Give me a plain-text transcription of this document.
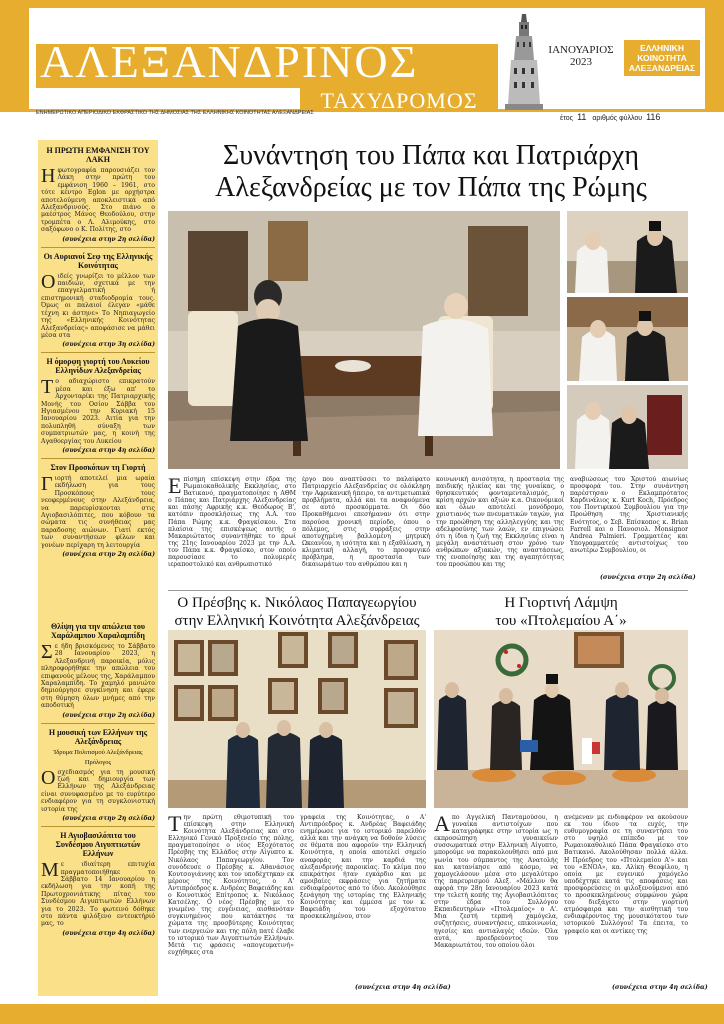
ΑΛΕΞΑΝΔΡΙΝΟΣ
ΤΑΧΥΔΡΟΜΟΣ
ΕΝΗΜΕΡΩΤΙΚΟ ΑΠΕΡΙΟΔΙΚΟ ΕΚΦΡΑΣΤΙΚΟ ΤΗΣ ΔΗΜΟΣΙΑΣ ΤΗΣ ΕΛΛΗΝΙΚΗΣ ΚΟΙΝΟΤΗΤΑΣ ΑΛΕΞΑΝΔΡΕΙΑΣ
ΙΑΝΟΥΑΡΙΟΣ
2023
ΕΛΛΗΝΙΚΗ
ΚΟΙΝΟΤΗΤΑ
ΑΛΕΞΑΝΔΡΕΙΑΣ
έτος 11 αριθμός φύλλου 116
Η ΠΡΩΤΗ ΕΜΦΑΝΙΣΗ ΤΟΥ ΛΑΚΗ
Ηφωτογραφία παρουσιάζει τον Λάκη στην πρώτη του εμφάνιση 1960 – 1961, στο τότε κέντρο Eglon με ορχήστρα αποτελούμενη αποκλειστικά από Αλεξανδρινούς. Στο πιάνο ο μαέστρος Μάνος Θεοδούλου, στην τρομπέτα ο Λ. Αλιμούκης, στο σαξόφωνο ο Κ. Πολίτης, στο
(συνέχεια στην 2η σελίδα)
Οι Αυριανοί Σεφ της Ελληνικής Κοινότητας
Οιδείς γνωρίζει το μέλλον των παιδιών, σχετικά με την επαγγελματική ή επιστημονική σταδιοδρομία τους. Όμως οι παλαιοί έλεγαν «μάθε τέχνη κι άστηνε» Το Νηπιαγωγείο της «Ελληνικής Κοινότητας Αλεξανδρείας» αποφάσισε να μάθει μέσα στα
(συνέχεια στην 3η σελίδα)
Η όμορφη γιορτή του Λυκείου Ελληνίδων Αλεξανδρείας
Το αδιαχώριστο επικρατούν μέσα και έξω απ' το Αρχονταρίκι της Πατριαρχικής Μονής του Οσίου Σάββα του Ηγιασμένου την Κυριακή 15 Ιανουαρίου 2023. Αιτία για την πολυπληθή σύναξη των συμπατριωτών μας, η κοινή της Αγαθοεργίας του Λυκείου
(συνέχεια στην 4η σελίδα)
Στον Προσκόπων τη Γιορτή
Γιορτή αποτελεί μια ωραία εκδήλωση για τους Προσκόπους τους νεοφερμένους στην Αλεξάνδρεια, να παρευρίσκονται στις Αγιοβασιλόπιτες, που κόβουν τα σώματα τις συνήθειας μας παραδοσης αιώνων. Γιατί εκτός των συναντήσεων φίλων και γονέων περίχαρη τη λειτουργία
(συνέχεια στην 2η σελίδα)
Θλίψη για την απώλεια του Χαράλαμπου Χαραλαμπίδη
Σε ήδη βρισκόμενες το Σάββατο 28 Ιανουαρίου 2023, η Αλεξανδρινή παροικία, μόλις πληροφορήθηκε την απώλεια του επιφανούς μέλους της, Χαράλαμπου Χαραλαμπίδη. Το χαμηλό μανιώτο δημιούργησε συγκίνηση και έφερε στη θύμηση όλων μνήμες από την αποδοτική
(συνέχεια στην 2η σελίδα)
Η μουσική των Ελλήνων της Αλεξάνδρειας
Ίδρυμα Πολιτισμού Αλεξάνδρειας
Πρόλογος
Οσχεδιασμός για τη μουσική ζωή και δημιουργία των Ελλήνων της Αλεξάνδρειας είναι συνυφασμένο με το ευρύτερο ενδιαφέρον για τη συγκλονιστική ιστορία της
(συνέχεια στην 2η σελίδα)
Η Αγιοβασιλόπιτα του Συνδέσμου Αιγυπτιωτών Ελλήνων
Με ιδιαίτερη επιτυχία πραγματοποιήθηκε το Σάββατο 14 Ιανουαρίου η εκδήλωση για την κοπή της Πρωτοχρονιάτικης πίτας του Συνδέσμου Αιγυπτιωτών Ελλήνων για το 2023. Το φωτεινό δόθηκε στο πάντα φιλόξενο εντευκτήριό μας, το
(συνέχεια στην 4η σελίδα)
Συνάντηση του Πάπα και Πατριάρχη
Αλεξανδρείας με τον Πάπα της Ρώμης
Επίσημη επίσκεψη στην έδρα της Ρωμαιοκαθολικής Εκκλησίας, στο Βατικανό, πραγματοποίησε η ΑΘΜ ο Πάπας και Πατριάρχης Αλεξανδρείας και πάσης Αφρικής κ.κ. Θεόδωρος Β', κατόπιν προσκλήσεως της Α.Α. του Πάπα Ρώμης κ.κ. Φραγκίσκου. Στα πλαίσια της επισκέψεως αυτής ο Μακαριώτατος συναντήθηκε το πρωί της 21ης Ιανουαρίου 2023 με την Α.Α. τον Πάπα κ.κ. Φραγκίσκο, στον οποίο παρουσίασε το πολυμερές ιεραποστολικό και ανθρωπιστικό
έργο που αναπτύσσει το παλαίφατο Πατριαρχείο Αλεξανδρείας σε ολόκληρη την Αφρικανική ήπειρο, τα αντιμετωπικά προβλήματα, αλλά και τα αναφυόμενα σε αυτό προσκόμματα. Οι δύο Προκαθήμενοι επεσήμαναν ότι στην παρούσα χρονική περίοδο, όπου ο πόλεμος, στις συρράξεις στην αποτυχημένη βαλλομένη μητρική Ωκεανίου, η ισότητα και η εξαθλίωση, η κλιματική αλλαγή, το προσφυγικό πρόβλημα, η προστασία των δικαιωμάτων του ανθρώπου και η
κοινωνική ανισότητα, η προστασία της παιδικής ηλικίας και της γυναίκας, ο θρησκευτικός φονταμενταλισμός, η κρίση αρχών και αξιών κ.α. Οικονόμικοί και όλων αποτελεί μονόδρομο, χριστιανός των πνευματικών ταγών, για την προώθηση της αλληλεγγύης και της αδελφοσύνης των λαών, εν επιγνώσει ότι η ίδια η ζωή της Εκκλησίας είναι η μεγάλη αναστάτωση στον χρόνο των ανθρώπων αξιακών, της αναστάσεως, της ενοποίησης και της αγαπητότητας του προσώπου και της
αναβιώσεως του Χριστού αιωνίως προσφορά του. Στην συνάντηση παρέστησαν ο Εκλαμπρότατος Καρδινάλιος κ. Kurt Koch, Πρόεδρος του Ποντιφικού Συμβουλίου για την Προώθηση της Χριστιανικής Ενότητος, ο Σεβ. Επίσκοπος κ. Brian Farrell και ο Πανοσιολ. Monsignor Andrea Palmieri. Γραμματέας και Υπογραμματεύς αντιστοίχως του ανωτέρω Συμβουλίου, οι
(συνέχεια στην 2η σελίδα)
Ο Πρέσβης κ. Νικόλαος Παπαγεωργίου
στην Ελληνική Κοινότητα Αλεξάνδρειας
Την πρώτη εθιμοτυπική του επίσκεψη στην Ελληνική Κοινότητα Αλεξάνδρειας και στο Ελληνικό Γενικό Προξενείο της πόλης, πραγματοποίησε ο νέος Εξοχότατος Πρέσβης της Ελλάδος στην Αίγυπτο κ. Νικόλαος Παπαγεωργίου. Τον συνόδευσε ο Πρέσβης κ. Αθανάσιος Κουτσογιάννης και τον υποδέχτηκαν εκ μέρους της Κοινότητος, ο Α' Αντιπρόεδρος κ. Ανδρέας Βαφειάδης και ο Κοινοτικός Επίτροπος κ. Νικόλαος Κατσέλης. Ο νέος Πρέσβης με το γνωμένο της ευγένειας, αισθανόταν συγκινημένος που κατάκτησε τα χώματα της προσβύτερης Κοινότητας των ενεργειών και της πόλη πατέ έλαβε το ιστορικό των Αιγυπτιωτών Ελλήνων. Μετά τις φράσεις «απογευματινή» ευχήθηκες στα
γραφεία της Κοινότητας, ο Α' Αντιπρόεδρος κ. Ανδρέας Βαφειάδης ενημέρωσε για το ιστορικό παρελθόν αλλά και την ανάγκη να δοθούν λύσεις σε θέματα που αφορούν την Ελληνική Κοινότητα, η οποία αποτελεί σημείο αναφοράς και την καρδιά της αλεξανδρινής παροικίας. Το κλίμα που επικράτησε ήταν εγκάρδιο και με αμοιβαίες εκφράσεις για ζητήματα ενδιαφέροντος από το ίδιο. Ακολούθησε ξενάγηση της ιστορίας της Ελληνικής Κοινότητας και έμμεσα με τον κ. Βαφειάδη του εξοχότατου προσκεκλημένου, στον
(συνέχεια στην 4η σελίδα)
Η Γιορτινή Λάμψη
του «Πτολεμαίου Α΄»
Απο Αγγελική Πανταμούσου, η γυναίκα αντιστοίχων που καταγράφηκε στην ιστορία ως η εκπροσώπηση γυναικείων συσσωματικά στην Ελληνική Αίγυπτο, μπορούμε να παρακολουθήσει από μια γωνία του σύμπαντος της Ανατολής και κατανίκησε από κόσμο, να χαμογελάσουν μέσα στο μεγαλύτερο της παρευρισμού Αλεξ. «Μάλλον θα αφορά την 28η Ιανουαρίου 2023 κατά την τελετή κοπής της Αγιοβασιλόπιτας στην έδρα του Συλλόγου Εκπαιδευτηρίων «Πτολεμαίος» ο Α'. Μια ζεστή τερπνή χαμόγελα, συζητήσεις, συναντήσεις, επικοινωνία, ηγεσίες και αντιαλαγές ιδεών. Όλα αυτά, προεδρεύοντος του Μακαριωτάτου, του οποίου όλοι
ανέμεναν με ενδιαφέρον να ακούσουν εκ του ίδιου τα ευχές, την ευθυμογραφία σε τη συναντήσει του στο υψηλό επίπεδο με τον Ρωμαιοκαθολικό Πάπα Φραγκίσκο στο Βατικανό. Ακολούθησαν πολλά άλλα. Η Πρόεδρος του «Πτολεμαίου Α'» και του «ΕΝΟΑ», κα. Αλίκη Θεοφίλου, η οποία με ευγενικό χαμόγελο υποδέχτηκε κατά τις αποφάσεις και προσφορεύσεις οι φιλοξενούμενοι από το προσκεκλημένους συμφώνου χώρα του διεξάγετο στην γιορτινή ατμόσφαιρα και την αισθητική του ενδιαφέροντος της μουσικότατου των ιστορικού Συλλόγου! Τα έπειτα, το γραφείο και οι αντίκες της
(συνέχεια στην 4η σελίδα)
